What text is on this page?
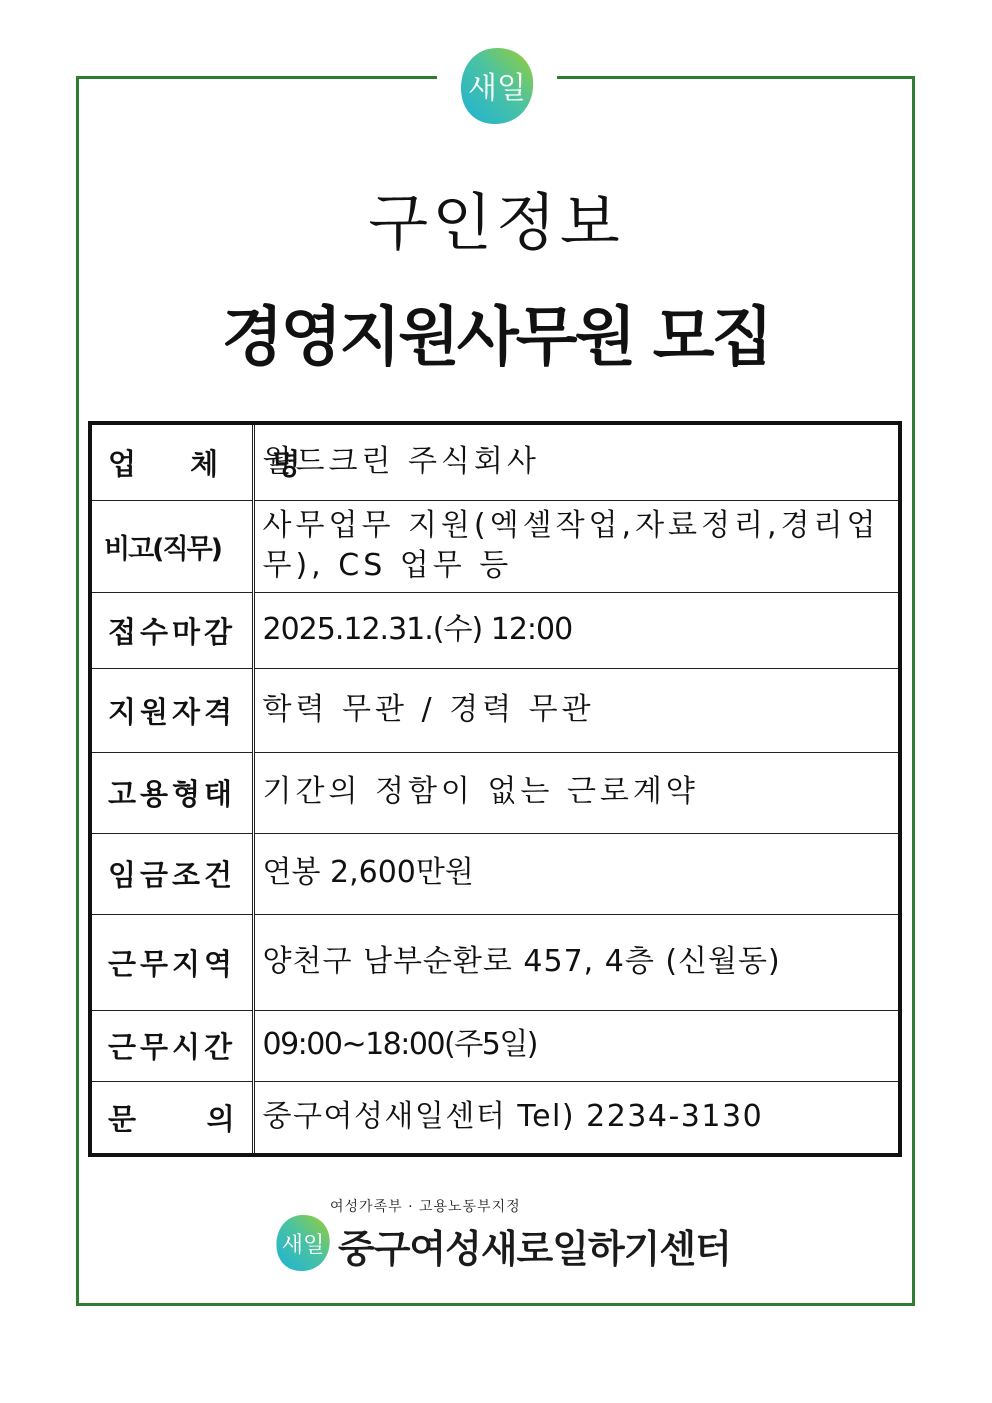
새일
구인정보
경영지원사무원 모집
업 체 명	월드크린 주식회사
비고(직무)	사무업무 지원(엑셀작업,자료정리,경리업무), CS 업무 등
접수마감	2025.12.31.(수) 12:00
지원자격	학력 무관 / 경력 무관
고용형태	기간의 정함이 없는 근로계약
임금조건	연봉 2,600만원
근무지역	양천구 남부순환로 457, 4층 (신월동)
근무시간	09:00~18:00(주5일)
문       의	중구여성새일센터 Tel) 2234-3130
여성가족부 · 고용노동부지정
새일 중구여성새로일하기센터
